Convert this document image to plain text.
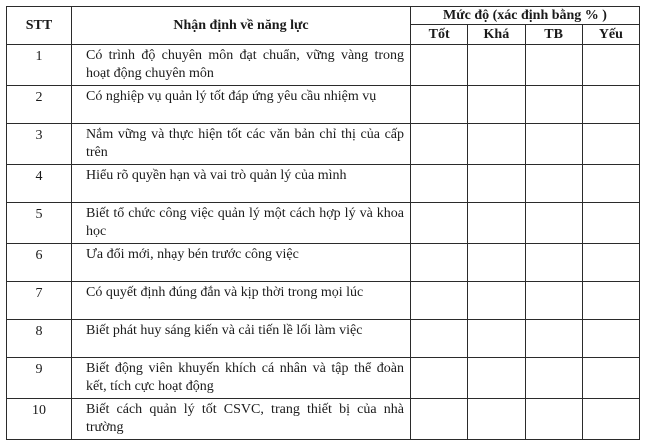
STT	Nhận định về năng lực	Mức độ (xác định bằng % )			
		Tốt	Khá	TB	Yếu
1	Có trình độ chuyên môn đạt chuẩn, vững vàng trong hoạt động chuyên môn				
2	Có nghiệp vụ quản lý tốt đáp ứng yêu cầu nhiệm vụ				
3	Nắm vững và thực hiện tốt các văn bản chỉ thị của cấp trên				
4	Hiểu rõ quyền hạn và vai trò quản lý của mình				
5	Biết tổ chức công việc quản lý một cách hợp lý và khoa học				
6	Ưa đổi mới, nhạy bén trước công việc				
7	Có quyết định đúng đắn và kịp thời trong mọi lúc				
8	Biết phát huy sáng kiến và cải tiến lề lối làm việc				
9	Biết động viên khuyến khích cá nhân và tập thể đoàn kết, tích cực hoạt động				
10	Biết cách quản lý tốt CSVC, trang thiết bị của nhà trường				
